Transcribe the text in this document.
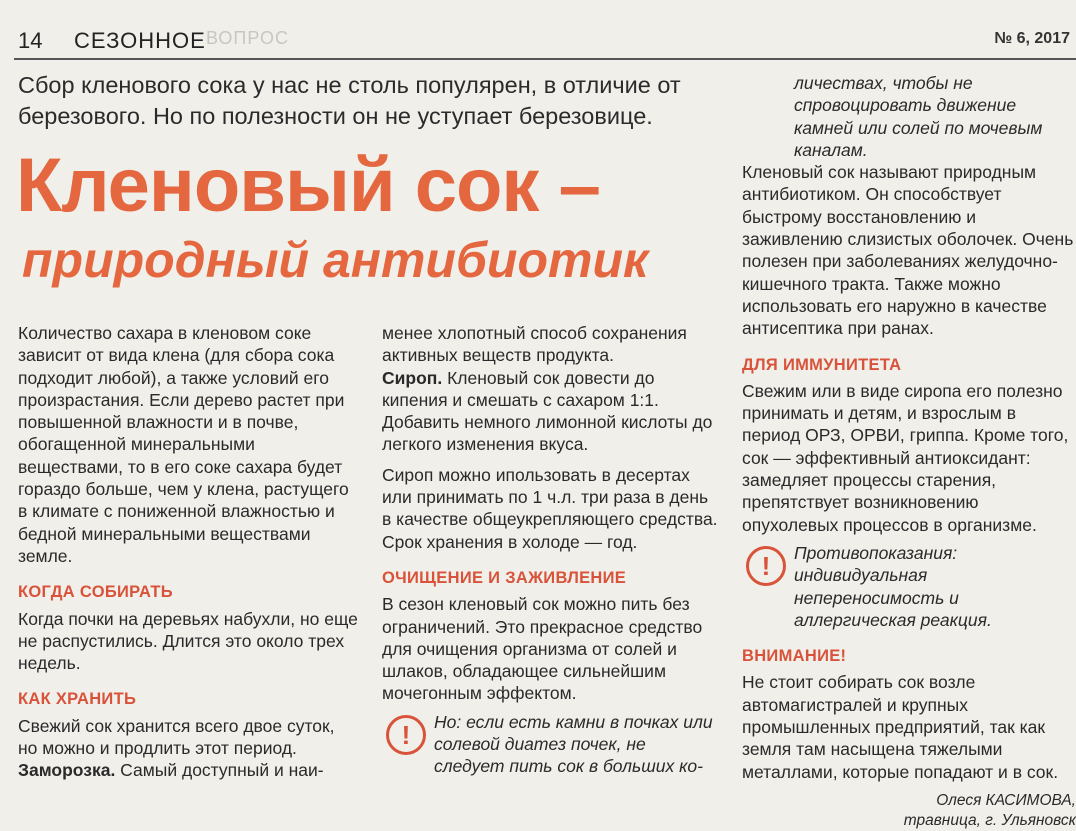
14 СЕЗОННОЕ ВОПРОС	№ 6, 2017
Сбор кленового сока у нас не столь популярен, в отличие от березового. Но по полезности он не уступает березовице.
Кленовый сок –
природный антибиотик

Количество сахара в кленовом соке зависит от вида клена (для сбора сока подходит любой), а также условий его произрастания. Если дерево растет при повышенной влажности и в почве, обогащенной минеральными веществами, то в его соке сахара будет гораздо больше, чем у клена, растущего в климате с пониженной влажностью и бедной минеральными веществами земле.

КОГДА СОБИРАТЬ

Когда почки на деревьях набухли, но еще не распустились. Длится это около трех недель.

КАК ХРАНИТЬ

Свежий сок хранится всего двое суток, но можно и продлить этот период.

Заморозка. Самый доступный и наи-

менее хлопотный способ сохранения активных веществ продукта.

Сироп. Кленовый сок довести до кипения и смешать с сахаром 1:1. Добавить немного лимонной кислоты до легкого изменения вкуса.

Сироп можно ипользовать в десертах или принимать по 1 ч.л. три раза в день в качестве общеукрепляющего средства. Срок хранения в холоде — год.

ОЧИЩЕНИЕ И ЗАЖИВЛЕНИЕ

В сезон кленовый сок можно пить без ограничений. Это прекрасное средство для очищения организма от солей и шлаков, обладающее сильнейшим мочегонным эффектом.

!	Но: если есть камни в почках или солевой диатез почек, не следует пить сок в больших ко-

личествах, чтобы не спровоцировать движение камней или солей по мочевым каналам.

Кленовый сок называют природным антибиотиком. Он способствует быстрому восстановлению и заживлению слизистых оболочек. Очень полезен при заболеваниях желудочно-кишечного тракта. Также можно использовать его наружно в качестве антисептика при ранах.

ДЛЯ ИММУНИТЕТА

Свежим или в виде сиропа его полезно принимать и детям, и взрослым в период ОРЗ, ОРВИ, гриппа. Кроме того, сок — эффективный антиоксидант: замедляет процессы старения, препятствует возникновению опухолевых процессов в организме.

!	Противопоказания: индивидуальная непереносимость и аллергическая реакция.
ВНИМАНИЕ!

Не стоит собирать сок возле автомагистралей и крупных промышленных предприятий, так как земля там насыщена тяжелыми металлами, которые попадают и в сок.

Олеся КАСИМОВА,
травница, г. Ульяновск
